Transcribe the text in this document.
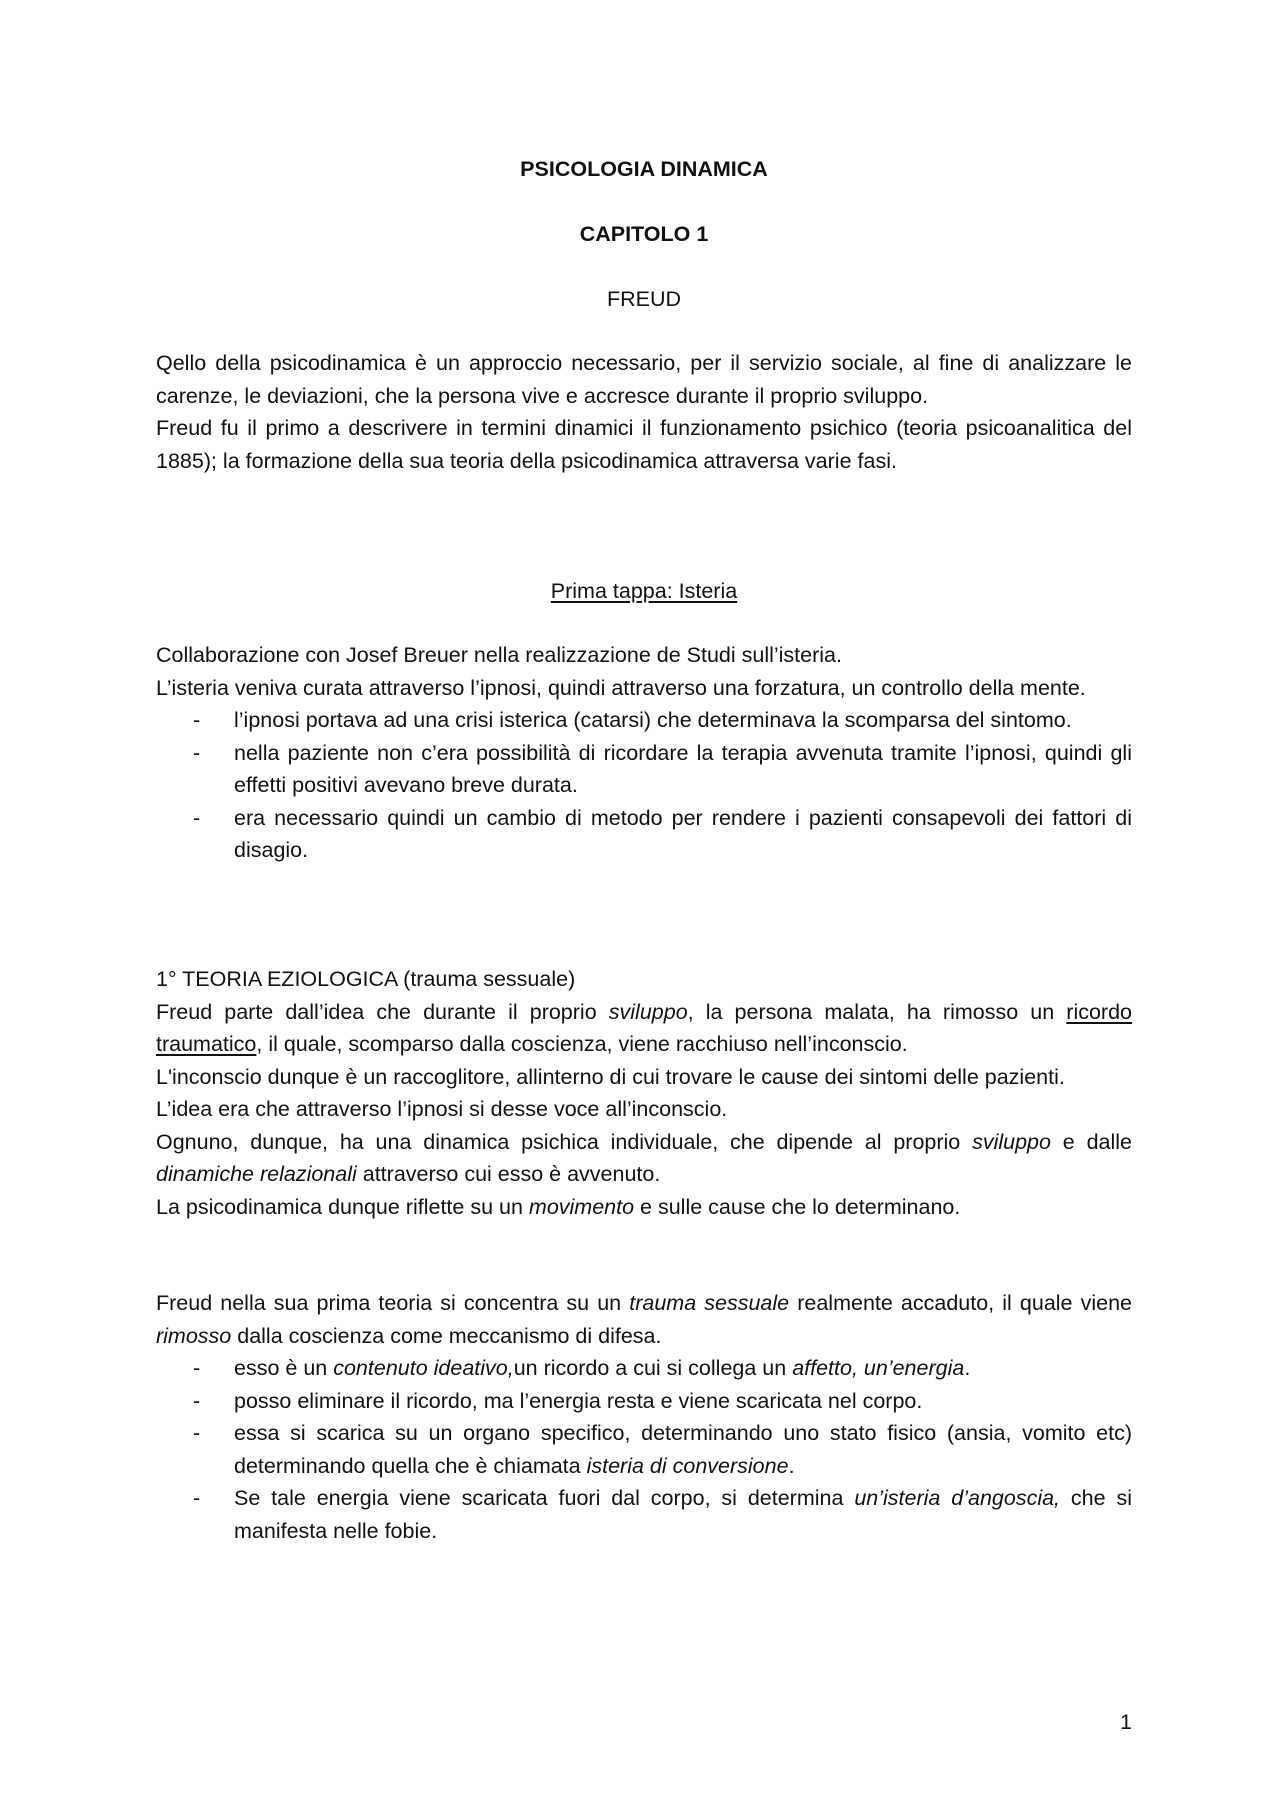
PSICOLOGIA DINAMICA
CAPITOLO 1
FREUD

Qello della psicodinamica è un approccio necessario, per il servizio sociale, al fine di analizzare le carenze, le deviazioni, che la persona vive e accresce durante il proprio sviluppo.

Freud fu il primo a descrivere in termini dinamici il funzionamento psichico (teoria psicoanalitica del 1885); la formazione della sua teoria della psicodinamica attraversa varie fasi.

Prima tappa: Isteria

Collaborazione con Josef Breuer nella realizzazione de Studi sull’isteria.

L’isteria veniva curata attraverso l’ipnosi, quindi attraverso una forzatura, un controllo della mente.

- l’ipnosi portava ad una crisi isterica (catarsi) che determinava la scomparsa del sintomo.
- nella paziente non c’era possibilità di ricordare la terapia avvenuta tramite l’ipnosi, quindi gli effetti positivi avevano breve durata.
- era necessario quindi un cambio di metodo per rendere i pazienti consapevoli dei fattori di disagio.

1° TEORIA EZIOLOGICA (trauma sessuale)

Freud parte dall’idea che durante il proprio sviluppo, la persona malata, ha rimosso un ricordo traumatico, il quale, scomparso dalla coscienza, viene racchiuso nell’inconscio.

L'inconscio dunque è un raccoglitore, allinterno di cui trovare le cause dei sintomi delle pazienti.

L’idea era che attraverso l’ipnosi si desse voce all’inconscio.

Ognuno, dunque, ha una dinamica psichica individuale, che dipende al proprio sviluppo e dalle dinamiche relazionali attraverso cui esso è avvenuto.

La psicodinamica dunque riflette su un movimento e sulle cause che lo determinano.

Freud nella sua prima teoria si concentra su un trauma sessuale realmente accaduto, il quale viene rimosso dalla coscienza come meccanismo di difesa.

- esso è un contenuto ideativo,un ricordo a cui si collega un affetto, un’energia.
- posso eliminare il ricordo, ma l’energia resta e viene scaricata nel corpo.
- essa si scarica su un organo specifico, determinando uno stato fisico (ansia, vomito etc) determinando quella che è chiamata isteria di conversione.
- Se tale energia viene scaricata fuori dal corpo, si determina un’isteria d’angoscia, che si manifesta nelle fobie.
1
